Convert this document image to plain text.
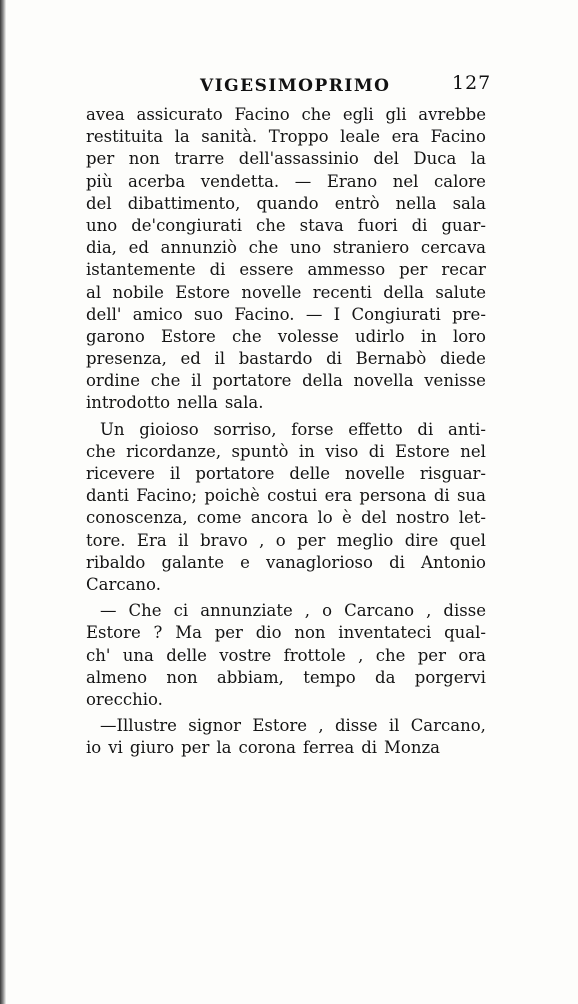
VIGESIMOPRIMO	127
avea assicurato Facino che egli gli avrebbe
restituita la sanità. Troppo leale era Facino
per non trarre dell'assassinio del Duca la
più acerba vendetta. — Erano nel calore
del dibattimento, quando entrò nella sala
uno de'congiurati che stava fuori di guar-
dia, ed annunziò che uno straniero cercava
istantemente di essere ammesso per recar
al nobile Estore novelle recenti della salute
dell' amico suo Facino. — I Congiurati pre-
garono Estore che volesse udirlo in loro
presenza, ed il bastardo di Bernabò diede
ordine che il portatore della novella venisse
introdotto nella sala.
Un gioioso sorriso, forse effetto di anti-
che ricordanze, spuntò in viso di Estore nel
ricevere il portatore delle novelle risguar-
danti Facino; poichè costui era persona di sua
conoscenza, come ancora lo è del nostro let-
tore. Era il bravo , o per meglio dire quel
ribaldo galante e vanaglorioso di Antonio
Carcano.
— Che ci annunziate , o Carcano , disse
Estore ? Ma per dio non inventateci qual-
ch' una delle vostre frottole , che per ora
almeno non abbiam, tempo da porgervi
orecchio.
—Illustre signor Estore , disse il Carcano,
io vi giuro per la corona ferrea di Monza
